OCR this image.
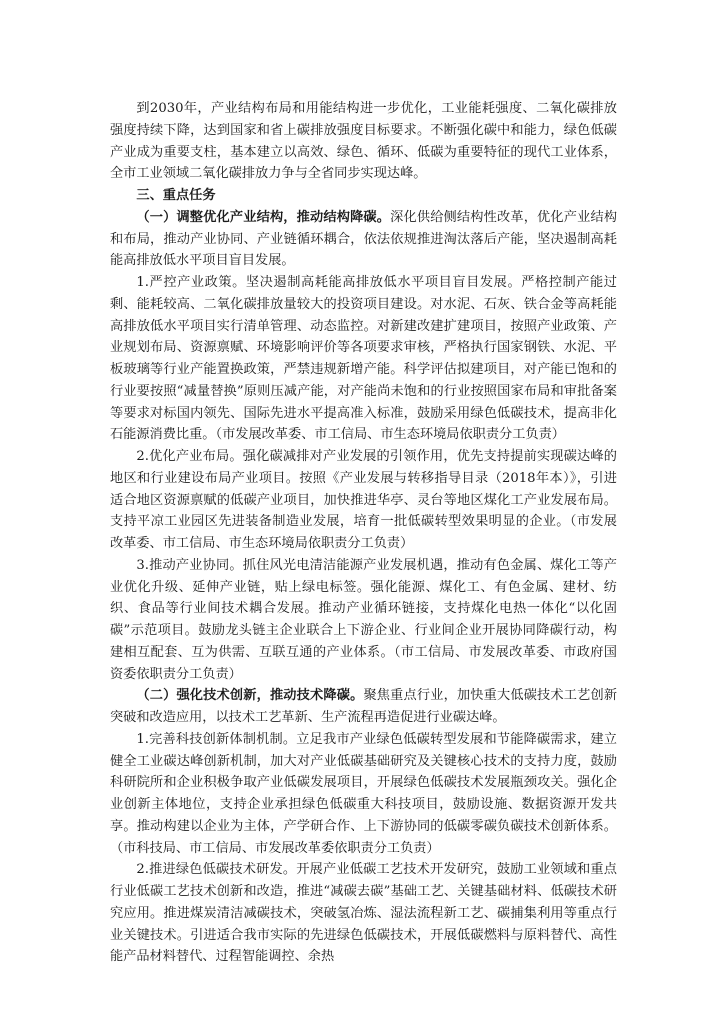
到2030年，产业结构布局和用能结构进一步优化，工业能耗强度、二氧化碳排放强度持续下降，达到国家和省上碳排放强度目标要求。不断强化碳中和能力，绿色低碳产业成为重要支柱，基本建立以高效、绿色、循环、低碳为重要特征的现代工业体系，全市工业领域二氧化碳排放力争与全省同步实现达峰。

三、重点任务

（一）调整优化产业结构，推动结构降碳。深化供给侧结构性改革，优化产业结构和布局，推动产业协同、产业链循环耦合，依法依规推进淘汰落后产能，坚决遏制高耗能高排放低水平项目盲目发展。

1.严控产业政策。坚决遏制高耗能高排放低水平项目盲目发展。严格控制产能过剩、能耗较高、二氧化碳排放量较大的投资项目建设。对水泥、石灰、铁合金等高耗能高排放低水平项目实行清单管理、动态监控。对新建改建扩建项目，按照产业政策、产业规划布局、资源禀赋、环境影响评价等各项要求审核，严格执行国家钢铁、水泥、平板玻璃等行业产能置换政策，严禁违规新增产能。科学评估拟建项目，对产能已饱和的行业要按照“减量替换”原则压减产能，对产能尚未饱和的行业按照国家布局和审批备案等要求对标国内领先、国际先进水平提高准入标准，鼓励采用绿色低碳技术，提高非化石能源消费比重。（市发展改革委、市工信局、市生态环境局依职责分工负责）

2.优化产业布局。强化碳减排对产业发展的引领作用，优先支持提前实现碳达峰的地区和行业建设布局产业项目。按照《产业发展与转移指导目录（2018年本）》，引进适合地区资源禀赋的低碳产业项目，加快推进华亭、灵台等地区煤化工产业发展布局。支持平凉工业园区先进装备制造业发展，培育一批低碳转型效果明显的企业。（市发展改革委、市工信局、市生态环境局依职责分工负责）

3.推动产业协同。抓住风光电清洁能源产业发展机遇，推动有色金属、煤化工等产业优化升级、延伸产业链，贴上绿电标签。强化能源、煤化工、有色金属、建材、纺织、食品等行业间技术耦合发展。推动产业循环链接，支持煤化电热一体化“以化固碳”示范项目。鼓励龙头链主企业联合上下游企业、行业间企业开展协同降碳行动，构建相互配套、互为供需、互联互通的产业体系。（市工信局、市发展改革委、市政府国资委依职责分工负责）

（二）强化技术创新，推动技术降碳。聚焦重点行业，加快重大低碳技术工艺创新突破和改造应用，以技术工艺革新、生产流程再造促进行业碳达峰。

1.完善科技创新体制机制。立足我市产业绿色低碳转型发展和节能降碳需求，建立健全工业碳达峰创新机制，加大对产业低碳基础研究及关键核心技术的支持力度，鼓励科研院所和企业积极争取产业低碳发展项目，开展绿色低碳技术发展瓶颈攻关。强化企业创新主体地位，支持企业承担绿色低碳重大科技项目，鼓励设施、数据资源开发共享。推动构建以企业为主体，产学研合作、上下游协同的低碳零碳负碳技术创新体系。（市科技局、市工信局、市发展改革委依职责分工负责）

2.推进绿色低碳技术研发。开展产业低碳工艺技术开发研究，鼓励工业领域和重点行业低碳工艺技术创新和改造，推进“减碳去碳”基础工艺、关键基础材料、低碳技术研究应用。推进煤炭清洁减碳技术，突破氢冶炼、湿法流程新工艺、碳捕集利用等重点行业关键技术。引进适合我市实际的先进绿色低碳技术，开展低碳燃料与原料替代、高性能产品材料替代、过程智能调控、余热
